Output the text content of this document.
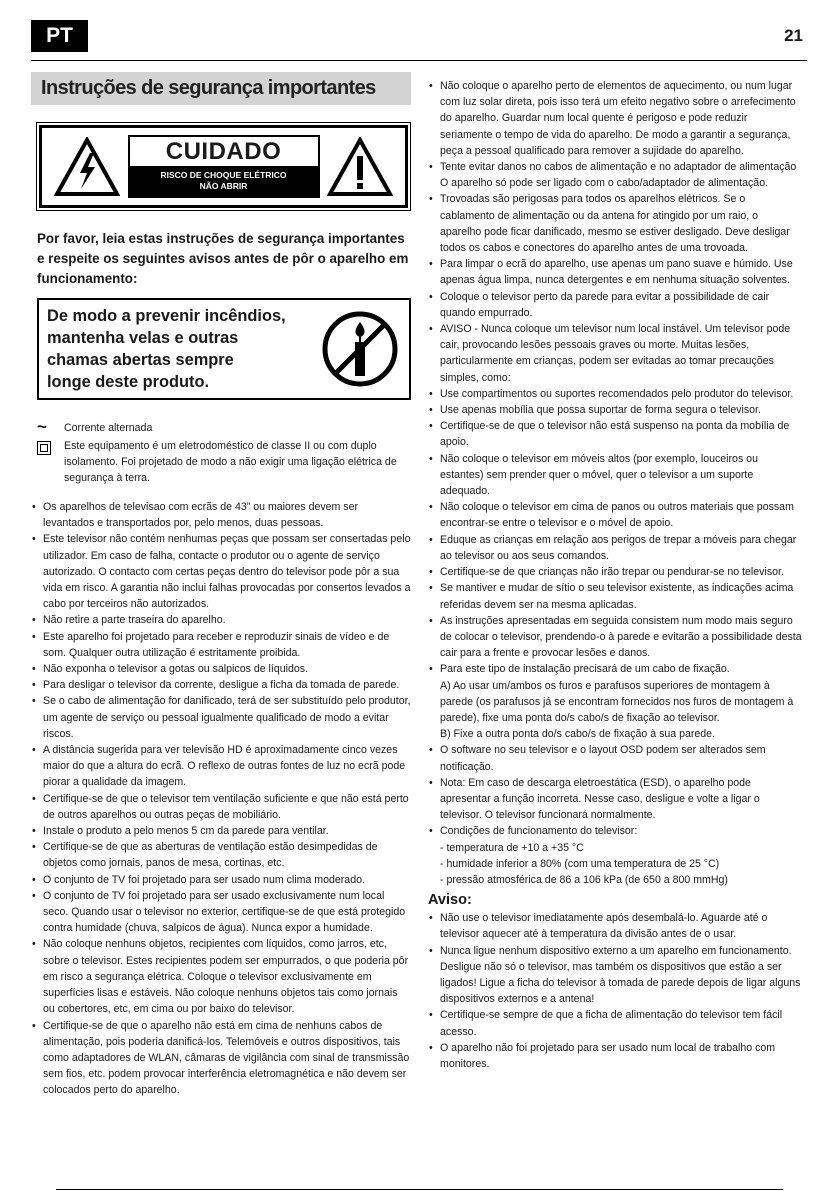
PT	21
Instruções de segurança importantes
CUIDADO
RISCO DE CHOQUE ELÉTRICO
NÃO ABRIR
Por favor, leia estas instruções de segurança importantes e respeite os seguintes avisos antes de pôr o aparelho em funcionamento:
De modo a prevenir incêndios,
mantenha velas e outras
chamas abertas sempre
longe deste produto.
~	Corrente alternada
Este equipamento é um eletrodoméstico de classe II ou com duplo isolamento. Foi projetado de modo a não exigir uma ligação elétrica de segurança à terra.
• Os aparelhos de televisao com ecrãs de 43” ou maiores devem ser levantados e transportados por, pelo menos, duas pessoas.
• Este televisor não contém nenhumas peças que possam ser consertadas pelo utilizador. Em caso de falha, contacte o produtor ou o agente de serviço autorizado. O contacto com certas peças dentro do televisor pode pôr a sua vida em risco. A garantia não inclui falhas provocadas por consertos levados a cabo por terceiros não autorizados.
• Não retire a parte traseira do aparelho.
• Este aparelho foi projetado para receber e reproduzir sinais de vídeo e de som. Qualquer outra utilização é estritamente proibida.
• Não exponha o televisor a gotas ou salpicos de líquidos.
• Para desligar o televisor da corrente, desligue a ficha da tomada de parede.
• Se o cabo de alimentação for danificado, terá de ser substituído pelo produtor, um agente de serviço ou pessoal igualmente qualificado de modo a evitar riscos.
• A distância sugerida para ver televisão HD é aproximadamente cinco vezes maior do que a altura do ecrã. O reflexo de outras fontes de luz no ecrã pode piorar a qualidade da imagem.
• Certifique-se de que o televisor tem ventilação suficiente e que não está perto de outros aparelhos ou outras peças de mobiliário.
• Instale o produto a pelo menos 5 cm da parede para ventilar.
• Certifique-se de que as aberturas de ventilação estão desimpedidas de objetos como jornais, panos de mesa, cortinas, etc.
• O conjunto de TV foi projetado para ser usado num clima moderado.
• O conjunto de TV foi projetado para ser usado exclusivamente num local seco. Quando usar o televisor no exterior, certifique-se de que está protegido contra humidade (chuva, salpicos de água). Nunca expor a humidade.
• Não coloque nenhuns objetos, recipientes com líquidos, como jarros, etc, sobre o televisor. Estes recipientes podem ser empurrados, o que poderia pôr em risco a segurança elétrica. Coloque o televisor exclusivamente em superfícies lisas e estáveis. Não coloque nenhuns objetos tais como jornais ou cobertores, etc, em cima ou por baixo do televisor.
• Certifique-se de que o aparelho não está em cima de nenhuns cabos de alimentação, pois poderia danificá-los. Telemóveis e outros dispositivos, tais como adaptadores de WLAN, câmaras de vigilância com sinal de transmissão sem fios, etc. podem provocar interferência eletromagnética e não devem ser colocados perto do aparelho.
• Não coloque o aparelho perto de elementos de aquecimento, ou num lugar com luz solar direta, pois isso terá um efeito negativo sobre o arrefecimento do aparelho. Guardar num local quente é perigoso e pode reduzir seriamente o tempo de vida do aparelho. De modo a garantir a segurança, peça a pessoal qualificado para remover a sujidade do aparelho.
• Tente evitar danos no cabos de alimentação e no adaptador de alimentação O aparelho só pode ser ligado com o cabo/adaptador de alimentação.
• Trovoadas são perigosas para todos os aparelhos elétricos. Se o cablamento de alimentação ou da antena for atingido por um raio, o aparelho pode ficar danificado, mesmo se estiver desligado. Deve desligar todos os cabos e conectores do aparelho antes de uma trovoada.
• Para limpar o ecrã do aparelho, use apenas um pano suave e húmido. Use apenas água limpa, nunca detergentes e em nenhuma situação solventes.
• Coloque o televisor perto da parede para evitar a possibilidade de cair quando empurrado.
• AVISO - Nunca coloque um televisor num local instável. Um televisor pode cair, provocando lesões pessoais graves ou morte. Muitas lesões, particularmente em crianças, podem ser evitadas ao tomar precauções simples, como:
• Use compartimentos ou suportes recomendados pelo produtor do televisor.
• Use apenas mobília que possa suportar de forma segura o televisor.
• Certifique-se de que o televisor não está suspenso na ponta da mobília de apoio.
• Não coloque o televisor em móveis altos (por exemplo, louceiros ou estantes) sem prender quer o móvel, quer o televisor a um suporte adequado.
• Não coloque o televisor em cima de panos ou outros materiais que possam encontrar-se entre o televisor e o móvel de apoio.
• Eduque as crianças em relação aos perigos de trepar a móveis para chegar ao televisor ou aos seus comandos.
• Certifique-se de que crianças não irão trepar ou pendurar-se no televisor.
• Se mantiver e mudar de sítio o seu televisor existente, as indicações acima referidas devem ser na mesma aplicadas.
• As instruções apresentadas em seguida consistem num modo mais seguro de colocar o televisor, prendendo-o à parede e evitarão a possibilidade desta cair para a frente e provocar lesões e danos.
• Para este tipo de instalação precisará de um cabo de fixação.
A) Ao usar um/ambos os furos e parafusos superiores de montagem à parede (os parafusos já se encontram fornecidos nos furos de montagem à parede), fixe uma ponta do/s cabo/s de fixação ao televisor.
B) Fixe a outra ponta do/s cabo/s de fixação à sua parede.
• O software no seu televisor e o layout OSD podem ser alterados sem notificação.
• Nota: Em caso de descarga eletroestática (ESD), o aparelho pode apresentar a função incorreta. Nesse caso, desligue e volte a ligar o televisor. O televisor funcionará normalmente.
• Condições de funcionamento do televisor:
- temperatura de +10 a +35 °C
- humidade inferior a 80% (com uma temperatura de 25 °C)
- pressão atmosférica de 86 a 106 kPa (de 650 a 800 mmHg)
Aviso:
• Não use o televisor imediatamente após desembalá-lo. Aguarde até o televisor aquecer até à temperatura da divisão antes de o usar.
• Nunca ligue nenhum dispositivo externo a um aparelho em funcionamento. Desligue não só o televisor, mas também os dispositivos que estão a ser ligados! Ligue a ficha do televisor à tomada de parede depois de ligar alguns dispositivos externos e a antena!
• Certifique-se sempre de que a ficha de alimentação do televisor tem fácil acesso.
• O aparelho não foi projetado para ser usado num local de trabalho com monitores.
